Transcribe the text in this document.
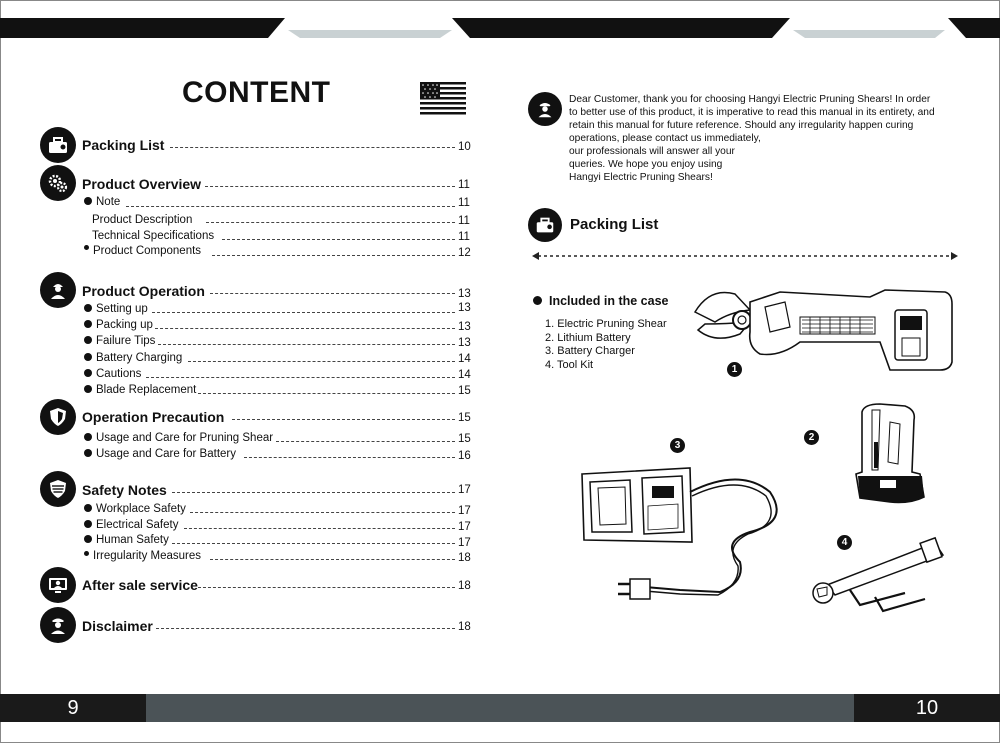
CONTENT
Packing List	10
Product Overview	11
Note	11
Product Description	11
Technical Specifications	11
Product Components	12
Product Operation	13
Setting up	13
Packing up	13
Failure Tips	13
Battery Charging	14
Cautions	14
Blade Replacement	15
Operation Precaution	15
Usage and Care for Pruning Shear	15
Usage and Care for Battery	16
Safety Notes	17
Workplace Safety	17
Electrical Safety	17
Human Safety	17
Irregularity Measures	18
After sale service	18
Disclaimer	18
Dear Customer, thank you for choosing Hangyi Electric Pruning Shears! In order
to better use of this product, it is imperative to read this manual in its entirety, and
retain this manual for future reference. Should any irregularity happen curing
operations, please contact us immediately,
our professionals will answer all your
queries. We hope you enjoy using
Hangyi Electric Pruning Shears!
Packing List
Included in the case
1. Electric Pruning Shear
2. Lithium Battery
3. Battery Charger
4. Tool Kit	1
2
3
4
9	10
